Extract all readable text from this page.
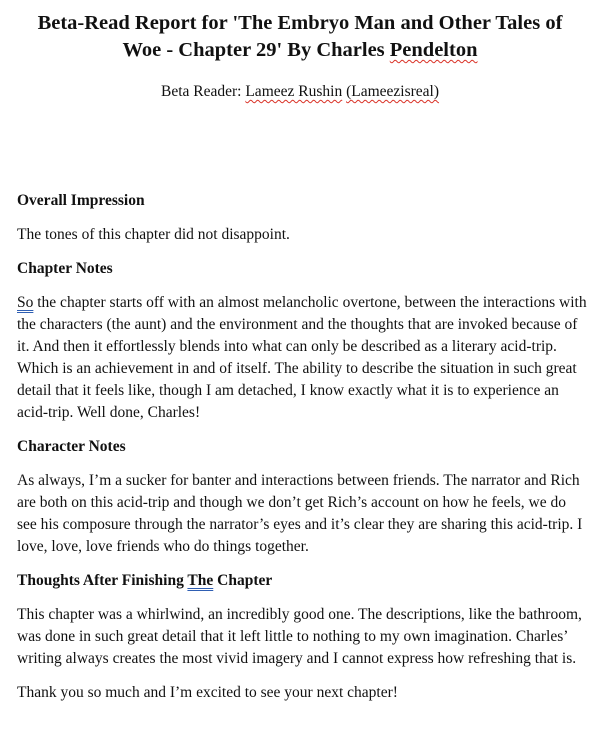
Beta-Read Report for 'The Embryo Man and Other Tales of
Woe - Chapter 29' By Charles Pendelton
Beta Reader: Lameez Rushin (Lameezisreal)
Overall Impression

The tones of this chapter did not disappoint.

Chapter Notes

So the chapter starts off with an almost melancholic overtone, between the interactions with the characters (the aunt) and the environment and the thoughts that are invoked because of it. And then it effortlessly blends into what can only be described as a literary acid-trip. Which is an achievement in and of itself. The ability to describe the situation in such great detail that it feels like, though I am detached, I know exactly what it is to experience an acid-trip. Well done, Charles!

Character Notes

As always, I’m a sucker for banter and interactions between friends. The narrator and Rich are both on this acid-trip and though we don’t get Rich’s account on how he feels, we do see his composure through the narrator’s eyes and it’s clear they are sharing this acid-trip. I love, love, love friends who do things together.

Thoughts After Finishing The Chapter

This chapter was a whirlwind, an incredibly good one. The descriptions, like the bathroom, was done in such great detail that it left little to nothing to my own imagination. Charles’ writing always creates the most vivid imagery and I cannot express how refreshing that is.

Thank you so much and I’m excited to see your next chapter!
